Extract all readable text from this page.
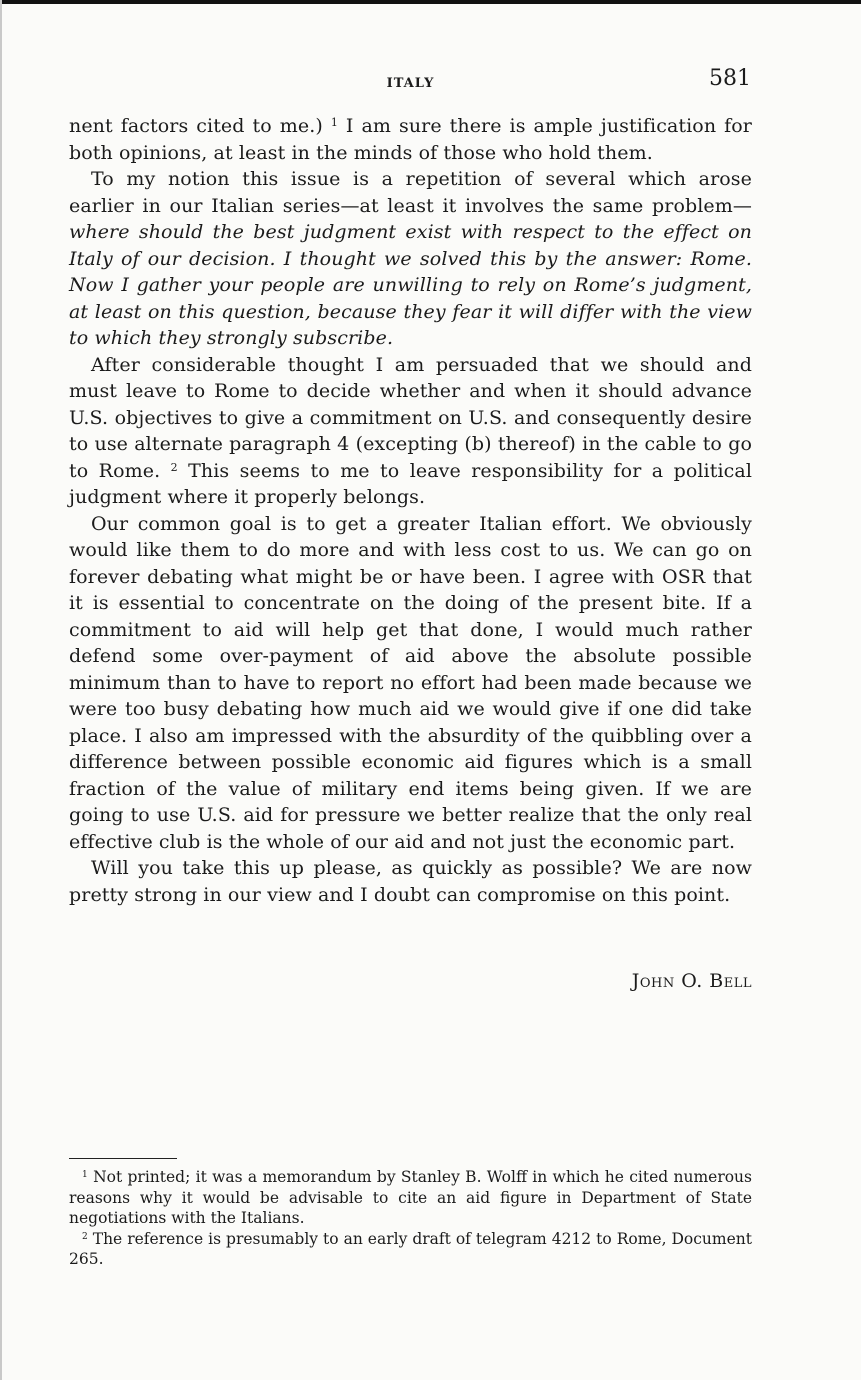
ITALY	581

nent factors cited to me.) $^1$ I am sure there is ample justification for both opinions, at least in the minds of those who hold them.

To my notion this issue is a repetition of several which arose earlier in our Italian series—at least it involves the same problem—where should the best judgment exist with respect to the effect on Italy of our decision. I thought we solved this by the answer: Rome. Now I gather your people are unwilling to rely on Rome’s judgment, at least on this question, because they fear it will differ with the view to which they strongly subscribe.

After considerable thought I am persuaded that we should and must leave to Rome to decide whether and when it should advance U.S. objectives to give a commitment on U.S. and consequently desire to use alternate paragraph 4 (excepting (b) thereof) in the cable to go to Rome. $^2$ This seems to me to leave responsibility for a political judgment where it properly belongs.

Our common goal is to get a greater Italian effort. We obviously would like them to do more and with less cost to us. We can go on forever debating what might be or have been. I agree with OSR that it is essential to concentrate on the doing of the present bite. If a commitment to aid will help get that done, I would much rather defend some over-payment of aid above the absolute possible minimum than to have to report no effort had been made because we were too busy debating how much aid we would give if one did take place. I also am impressed with the absurdity of the quibbling over a difference between possible economic aid figures which is a small fraction of the value of military end items being given. If we are going to use U.S. aid for pressure we better realize that the only real effective club is the whole of our aid and not just the economic part.

Will you take this up please, as quickly as possible? We are now pretty strong in our view and I doubt can compromise on this point.

John O. Bell

$^1$ Not printed; it was a memorandum by Stanley B. Wolff in which he cited numerous reasons why it would be advisable to cite an aid figure in Department of State negotiations with the Italians.

$^2$ The reference is presumably to an early draft of telegram 4212 to Rome, Document 265.
